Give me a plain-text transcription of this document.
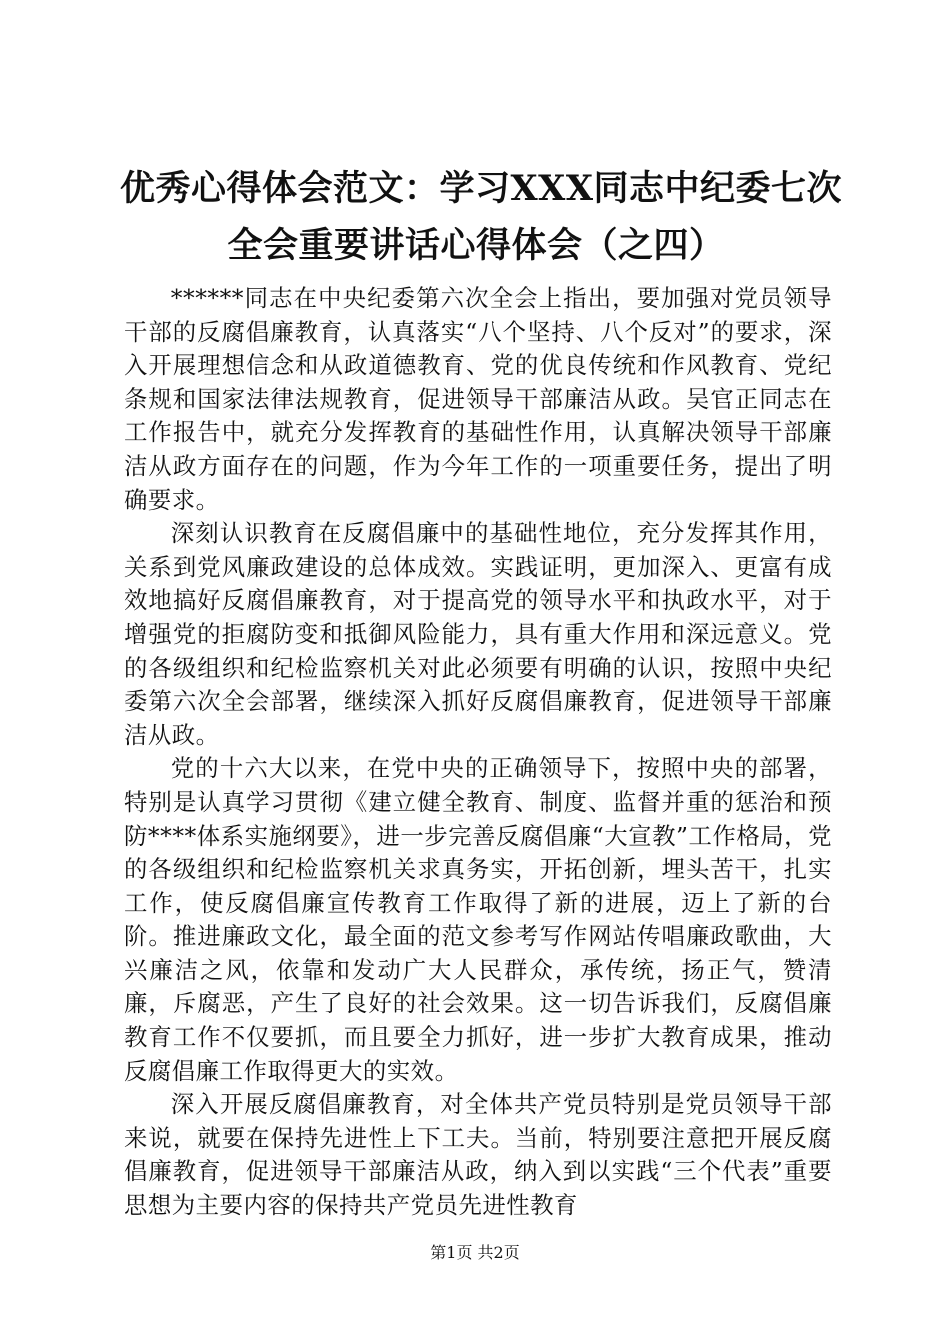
优秀心得体会范文：学习XXX同志中纪委七次
全会重要讲话心得体会（之四）

******同志在中央纪委第六次全会上指出，要加强对党员领导干部的反腐倡廉教育，认真落实“八个坚持、八个反对”的要求，深入开展理想信念和从政道德教育、党的优良传统和作风教育、党纪条规和国家法律法规教育，促进领导干部廉洁从政。吴官正同志在工作报告中，就充分发挥教育的基础性作用，认真解决领导干部廉洁从政方面存在的问题，作为今年工作的一项重要任务，提出了明确要求。

深刻认识教育在反腐倡廉中的基础性地位，充分发挥其作用，关系到党风廉政建设的总体成效。实践证明，更加深入、更富有成效地搞好反腐倡廉教育，对于提高党的领导水平和执政水平，对于增强党的拒腐防变和抵御风险能力，具有重大作用和深远意义。党的各级组织和纪检监察机关对此必须要有明确的认识，按照中央纪委第六次全会部署，继续深入抓好反腐倡廉教育，促进领导干部廉洁从政。

党的十六大以来，在党中央的正确领导下，按照中央的部署，特别是认真学习贯彻《建立健全教育、制度、监督并重的惩治和预防****体系实施纲要》，进一步完善反腐倡廉“大宣教”工作格局，党的各级组织和纪检监察机关求真务实，开拓创新，埋头苦干，扎实工作，使反腐倡廉宣传教育工作取得了新的进展，迈上了新的台阶。推进廉政文化，最全面的范文参考写作网站传唱廉政歌曲，大兴廉洁之风，依靠和发动广大人民群众，承传统，扬正气，赞清廉，斥腐恶，产生了良好的社会效果。这一切告诉我们，反腐倡廉教育工作不仅要抓，而且要全力抓好，进一步扩大教育成果，推动反腐倡廉工作取得更大的实效。

深入开展反腐倡廉教育，对全体共产党员特别是党员领导干部来说，就要在保持先进性上下工夫。当前，特别要注意把开展反腐倡廉教育，促进领导干部廉洁从政，纳入到以实践“三个代表”重要思想为主要内容的保持共产党员先进性教育

第1页 共2页
